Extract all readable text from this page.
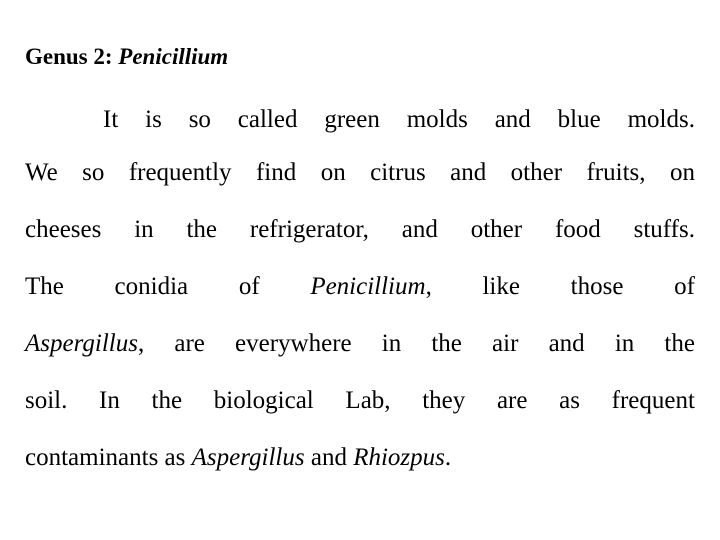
Genus 2: Penicillium
It is so called green molds and blue molds.
We so frequently find on citrus and other fruits, on
cheeses in the refrigerator, and other food stuffs.
The conidia of Penicillium, like those of
Aspergillus, are everywhere in the air and in the
soil. In the biological Lab, they are as frequent
contaminants as Aspergillus and Rhiozpus.
